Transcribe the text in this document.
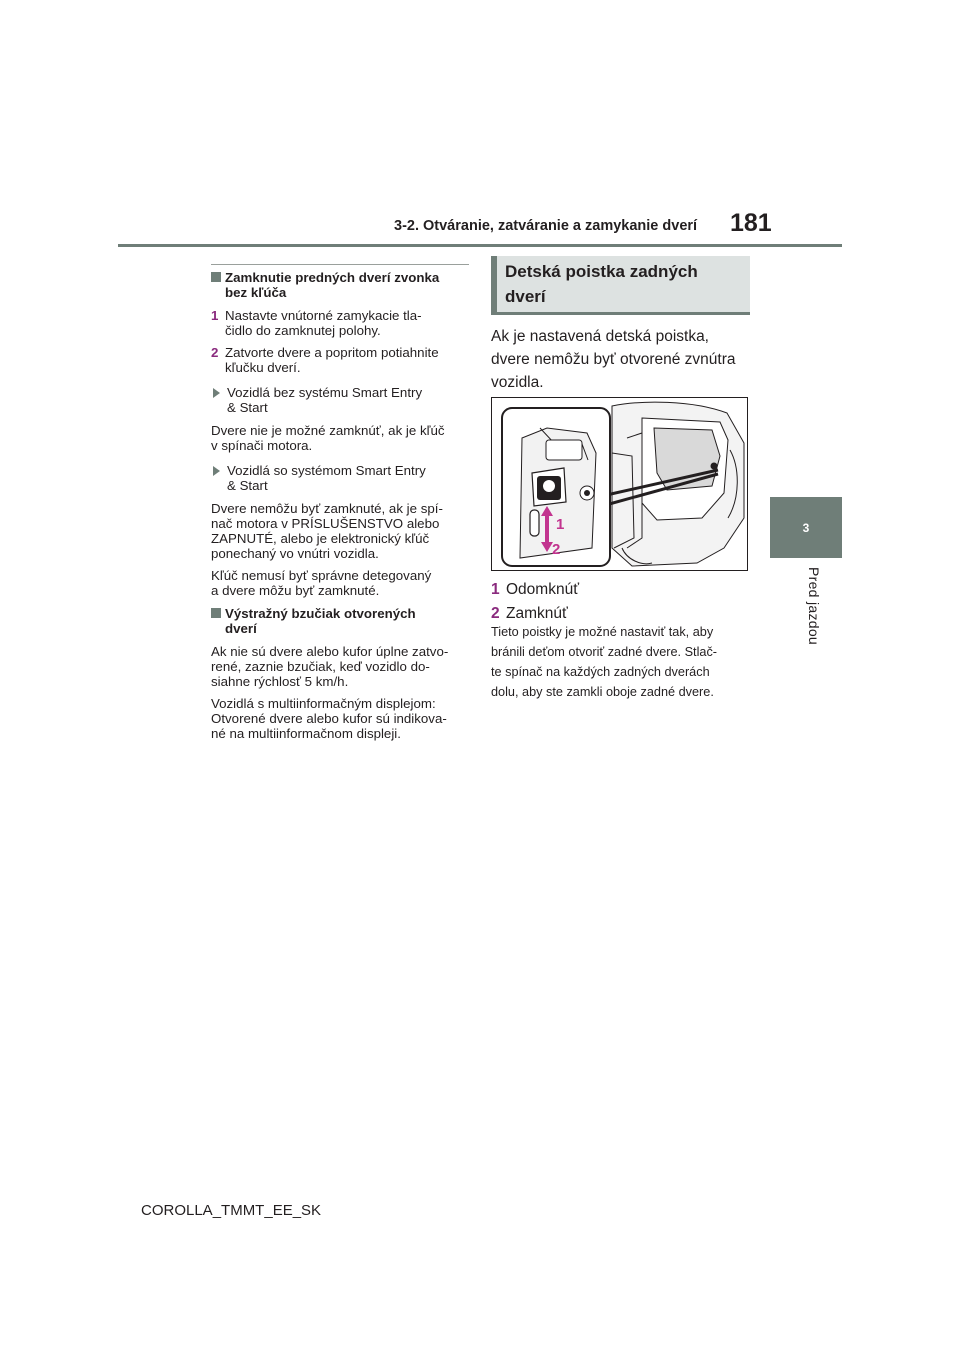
3-2. Otváranie, zatváranie a zamykanie dverí 181
3
Pred jazdou
Zamknutie predných dverí zvonka
bez kľúča
1 Nastavte vnútorné zamykacie tla-
čidlo do zamknutej polohy.
2 Zatvorte dvere a popritom potiahnite
kľučku dverí.
Vozidlá bez systému Smart Entry
& Start
Dvere nie je možné zamknúť, ak je kľúč
v spínači motora.
Vozidlá so systémom Smart Entry
& Start
Dvere nemôžu byť zamknuté, ak je spí-
nač motora v PRÍSLUŠENSTVO alebo
ZAPNUTÉ, alebo je elektronický kľúč
ponechaný vo vnútri vozidla.
Kľúč nemusí byť správne detegovaný
a dvere môžu byť zamknuté.
Výstražný bzučiak otvorených
dverí
Ak nie sú dvere alebo kufor úplne zatvo-
rené, zaznie bzučiak, keď vozidlo do-
siahne rýchlosť 5 km/h.
Vozidlá s multiinformačným displejom:
Otvorené dvere alebo kufor sú indikova-
né na multiinformačnom displeji.
Detská poistka zadných
dverí
Ak je nastavená detská poistka,
dvere nemôžu byť otvorené zvnútra
vozidla.
1
2
1 Odomknúť
2 Zamknúť
Tieto poistky je možné nastaviť tak, aby
bránili deťom otvoriť zadné dvere. Stlač-
te spínač na každých zadných dverách
dolu, aby ste zamkli oboje zadné dvere.
COROLLA_TMMT_EE_SK
